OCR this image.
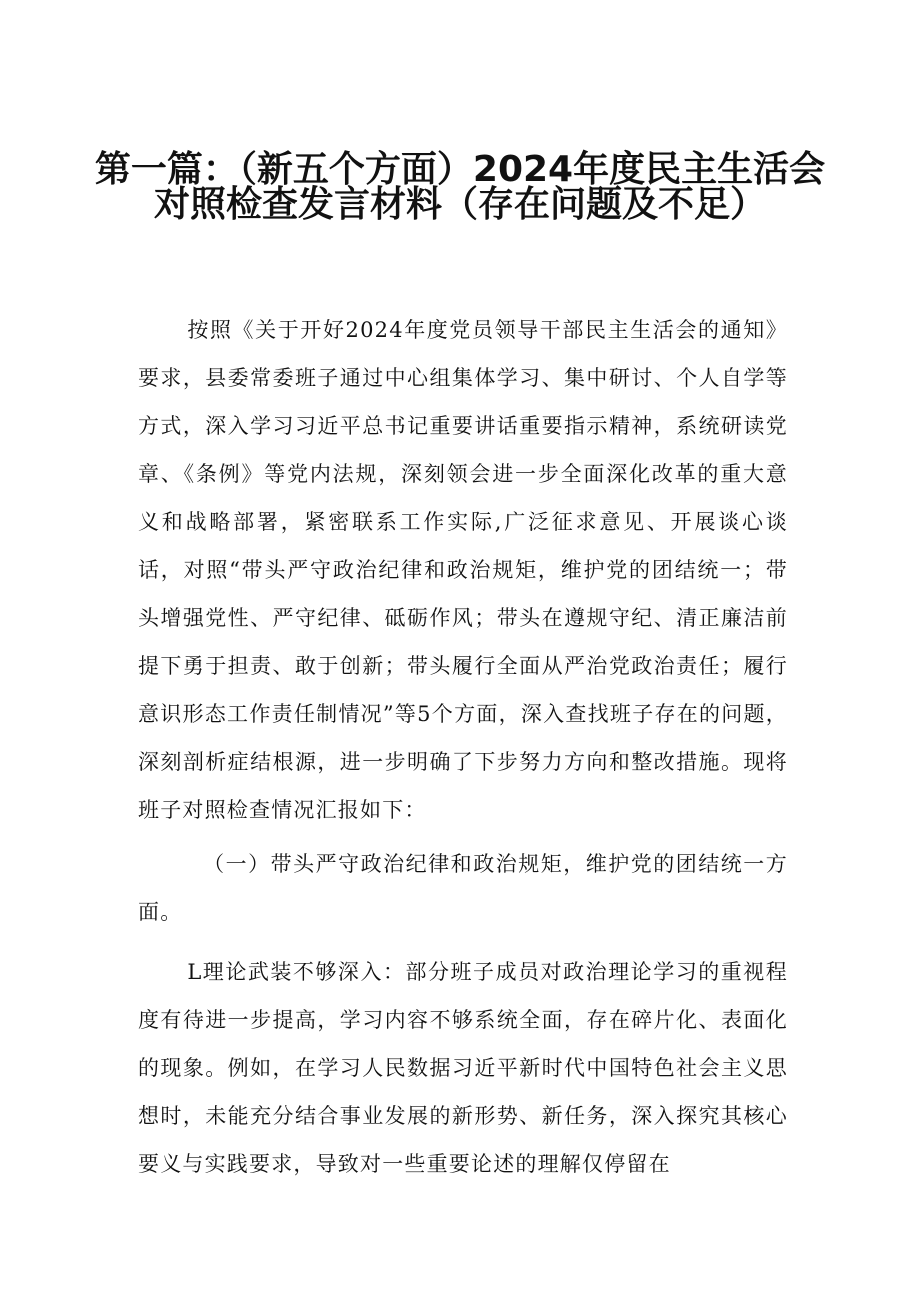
第一篇：（新五个方面）2024年度民主生活会
对照检查发言材料（存在问题及不足）

按照《关于开好2024年度党员领导干部民主生活会的通知》要求，县委常委班子通过中心组集体学习、集中研讨、个人自学等方式，深入学习习近平总书记重要讲话重要指示精神，系统研读党章、《条例》等党内法规，深刻领会进一步全面深化改革的重大意义和战略部署，紧密联系工作实际,广泛征求意见、开展谈心谈话，对照“带头严守政治纪律和政治规矩，维护党的团结统一；带头增强党性、严守纪律、砥砺作风；带头在遵规守纪、清正廉洁前提下勇于担责、敢于创新；带头履行全面从严治党政治责任；履行意识形态工作责任制情况”等5个方面，深入查找班子存在的问题，深刻剖析症结根源，进一步明确了下步努力方向和整改措施。现将班子对照检查情况汇报如下：

（一）带头严守政治纪律和政治规矩，维护党的团结统一方面。

L理论武装不够深入：部分班子成员对政治理论学习的重视程度有待进一步提高，学习内容不够系统全面，存在碎片化、表面化的现象。例如，在学习人民数据习近平新时代中国特色社会主义思想时，未能充分结合事业发展的新形势、新任务，深入探究其核心要义与实践要求，导致对一些重要论述的理解仅停留在
